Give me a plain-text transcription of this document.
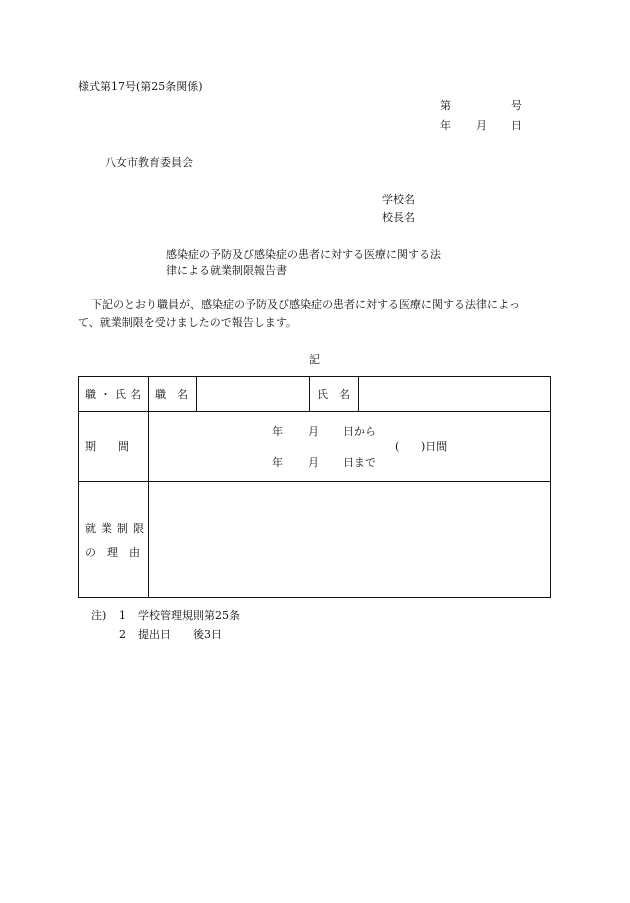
様式第17号(第25条関係)
第	号
年 月 日
八女市教育委員会
学校名
校長名
感染症の予防及び感染症の患者に対する医療に関する法
律による就業制限報告書
下記のとおり職員が、感染症の予防及び感染症の患者に対する医療に関する法律によっ
て、就業制限を受けましたので報告します。
記
職・氏名 職　名	氏　名
期　　間
年 月 日から
年 月 日まで
( )日間
就業制限
の　理　由
注) 1 学校管理規則第25条
2 提出日　　後3日
